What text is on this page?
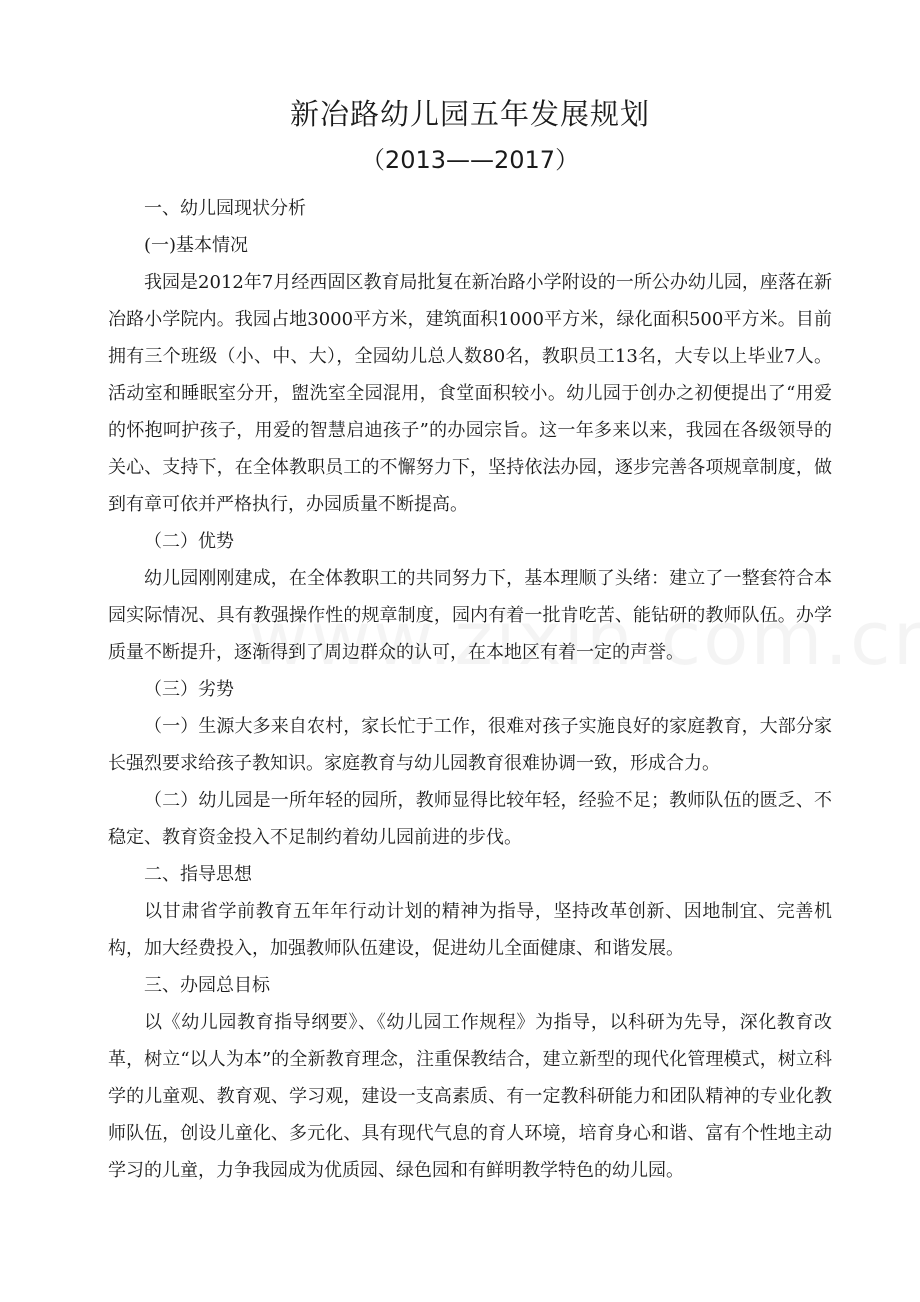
新冶路幼儿园五年发展规划
（2013——2017）

一、幼儿园现状分析

(一)基本情况

我园是2012年7月经西固区教育局批复在新冶路小学附设的一所公办幼儿园，座落在新冶路小学院内。我园占地3000平方米，建筑面积1000平方米，绿化面积500平方米。目前拥有三个班级（小、中、大），全园幼儿总人数80名，教职员工13名，大专以上毕业7人。活动室和睡眠室分开，盥洗室全园混用，食堂面积较小。幼儿园于创办之初便提出了“用爱的怀抱呵护孩子，用爱的智慧启迪孩子”的办园宗旨。这一年多来以来，我园在各级领导的关心、支持下，在全体教职员工的不懈努力下，坚持依法办园，逐步完善各项规章制度，做到有章可依并严格执行，办园质量不断提高。

（二）优势

幼儿园刚刚建成，在全体教职工的共同努力下，基本理顺了头绪：建立了一整套符合本园实际情况、具有教强操作性的规章制度，园内有着一批肯吃苦、能钻研的教师队伍。办学质量不断提升，逐渐得到了周边群众的认可，在本地区有着一定的声誉。

（三）劣势

（一）生源大多来自农村，家长忙于工作，很难对孩子实施良好的家庭教育，大部分家长强烈要求给孩子教知识。家庭教育与幼儿园教育很难协调一致，形成合力。

（二）幼儿园是一所年轻的园所，教师显得比较年轻，经验不足；教师队伍的匮乏、不稳定、教育资金投入不足制约着幼儿园前进的步伐。

二、指导思想

以甘肃省学前教育五年年行动计划的精神为指导，坚持改革创新、因地制宜、完善机构，加大经费投入，加强教师队伍建设，促进幼儿全面健康、和谐发展。

三、办园总目标

以《幼儿园教育指导纲要》、《幼儿园工作规程》为指导，以科研为先导，深化教育改革，树立“以人为本”的全新教育理念，注重保教结合，建立新型的现代化管理模式，树立科学的儿童观、教育观、学习观，建设一支高素质、有一定教科研能力和团队精神的专业化教师队伍，创设儿童化、多元化、具有现代气息的育人环境，培育身心和谐、富有个性地主动学习的儿童，力争我园成为优质园、绿色园和有鲜明教学特色的幼儿园。
